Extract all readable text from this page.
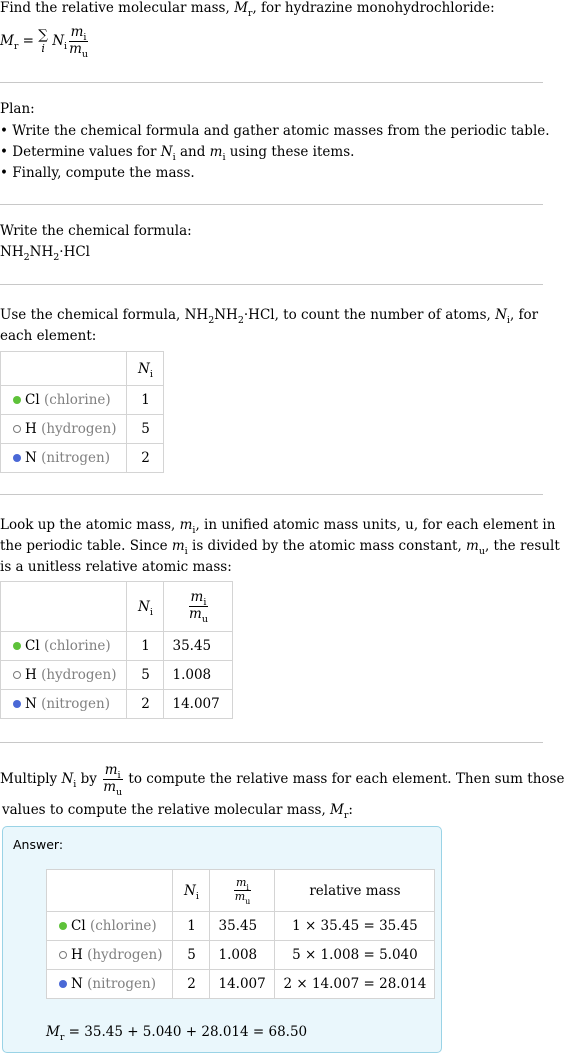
Find the relative molecular mass, $M_r$, for hydrazine monohydrochloride:
$M_r$ = ∑
i $N_i \frac{m_i}{m_u}$
Plan:
• Write the chemical formula and gather atomic masses from the periodic table.
• Determine values for $N_i$ and $m_i$ using these items.
• Finally, compute the mass.
Write the chemical formula:
$NH_2NH_2\cdot HCl$
Use the chemical formula, $NH_2NH_2\cdot HCl$, to count the number of atoms, $N_i$, for
each element:
	$N_i$
Cl (chlorine)	1
H (hydrogen)	5
N (nitrogen)	2
Look up the atomic mass, $m_i$, in unified atomic mass units, u, for each element in
the periodic table. Since $m_i$ is divided by the atomic mass constant, $m_u$, the result
is a unitless relative atomic mass:
	$N_i$	$\frac{m_i}{m_u}$

Cl (chlorine)	1	35.45
H (hydrogen)	5	1.008
N (nitrogen)	2	14.007
Multiply $N_i$ by $\frac{m_i}{m_u}$ to compute the relative mass for each element. Then sum those
values to compute the relative molecular mass, $M_r$:
Answer:
	$N_i$	$\frac{m_i}{m_u}$	relative mass
Cl (chlorine)	1	35.45	1 × 35.45 = 35.45
H (hydrogen)	5	1.008	5 × 1.008 = 5.040
N (nitrogen)	2	14.007	2 × 14.007 = 28.014
$M_r = 35.45 + 5.040 + 28.014 = 68.50$
